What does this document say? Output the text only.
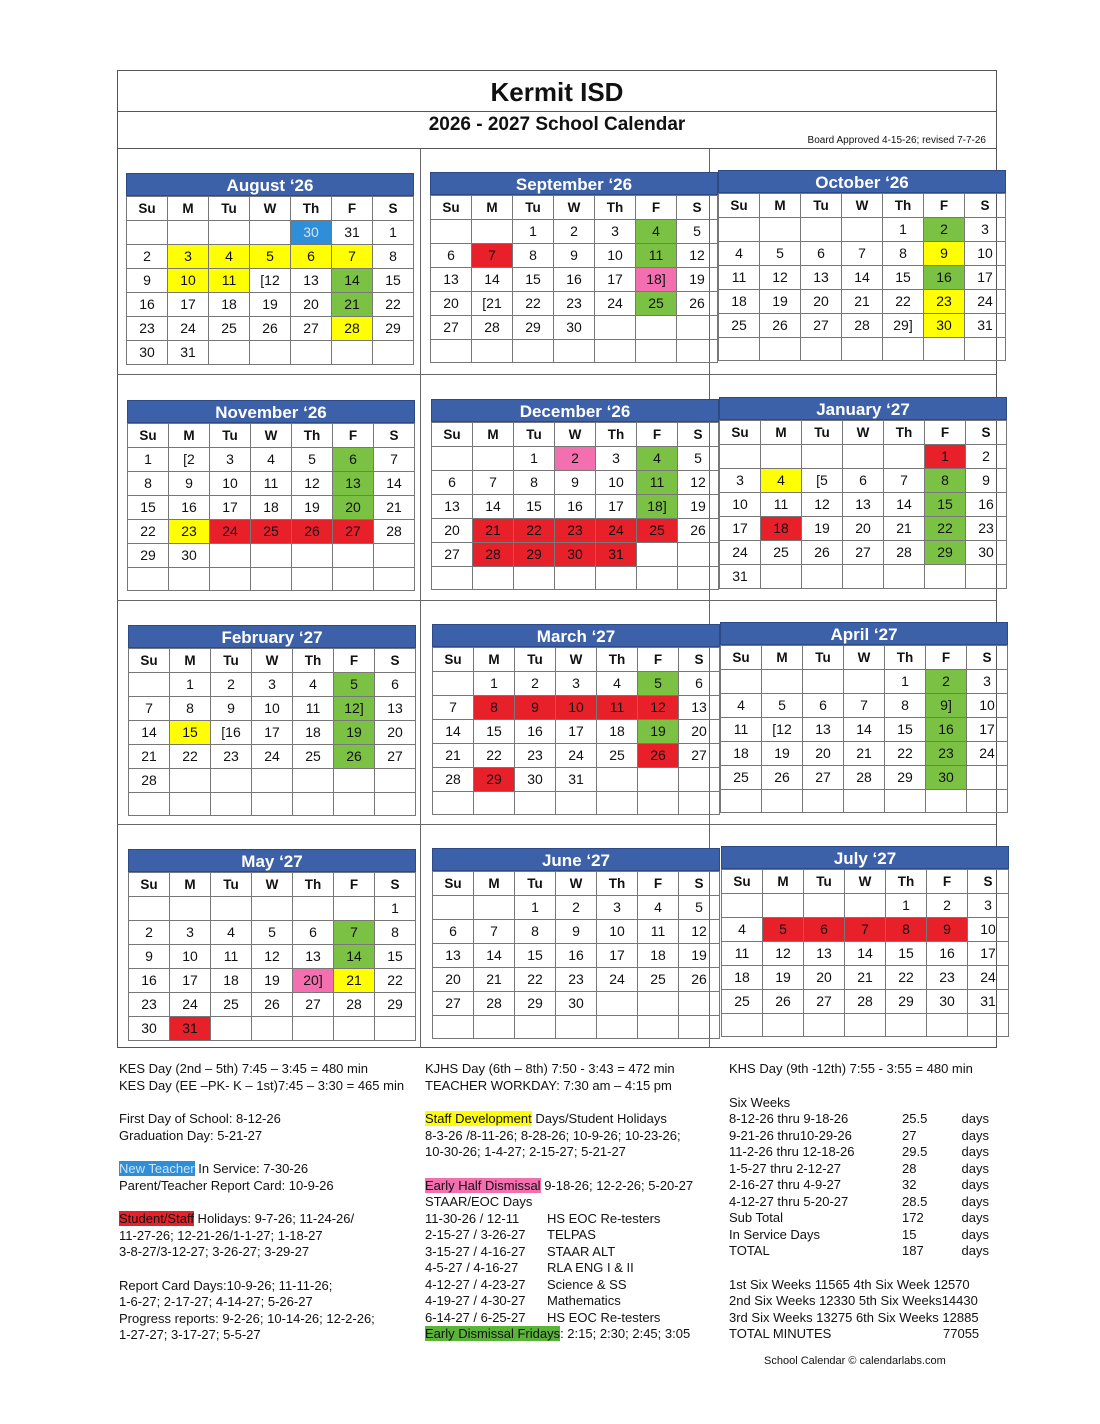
Kermit ISD
2026 - 2027 School Calendar
Board Approved 4-15-26; revised 7-7-26
August ‘26
Su	M	Tu	W	Th	F	S
				30	31	1
2	3	4	5	6	7	8
9	10	11	[12	13	14	15
16	17	18	19	20	21	22
23	24	25	26	27	28	29
30	31					
September ‘26
Su	M	Tu	W	Th	F	S
		1	2	3	4	5
6	7	8	9	10	11	12
13	14	15	16	17	18]	19
20	[21	22	23	24	25	26
27	28	29	30			

October ‘26
Su	M	Tu	W	Th	F	S
				1	2	3
4	5	6	7	8	9	10
11	12	13	14	15	16	17
18	19	20	21	22	23	24
25	26	27	28	29]	30	31

November ‘26
Su	M	Tu	W	Th	F	S
1	[2	3	4	5	6	7
8	9	10	11	12	13	14
15	16	17	18	19	20	21
22	23	24	25	26	27	28
29	30					

December ‘26
Su	M	Tu	W	Th	F	S
		1	2	3	4	5
6	7	8	9	10	11	12
13	14	15	16	17	18]	19
20	21	22	23	24	25	26
27	28	29	30	31		

January ‘27
Su	M	Tu	W	Th	F	S
					1	2
3	4	[5	6	7	8	9
10	11	12	13	14	15	16
17	18	19	20	21	22	23
24	25	26	27	28	29	30
31						
February ‘27
Su	M	Tu	W	Th	F	S
	1	2	3	4	5	6
7	8	9	10	11	12]	13
14	15	[16	17	18	19	20
21	22	23	24	25	26	27
28						

March ‘27
Su	M	Tu	W	Th	F	S
	1	2	3	4	5	6
7	8	9	10	11	12	13
14	15	16	17	18	19	20
21	22	23	24	25	26	27
28	29	30	31			

April ‘27
Su	M	Tu	W	Th	F	S
				1	2	3
4	5	6	7	8	9]	10
11	[12	13	14	15	16	17
18	19	20	21	22	23	24
25	26	27	28	29	30	

May ‘27
Su	M	Tu	W	Th	F	S
						1
2	3	4	5	6	7	8
9	10	11	12	13	14	15
16	17	18	19	20]	21	22
23	24	25	26	27	28	29
30	31					
June ‘27
Su	M	Tu	W	Th	F	S
		1	2	3	4	5
6	7	8	9	10	11	12
13	14	15	16	17	18	19
20	21	22	23	24	25	26
27	28	29	30			

July ‘27
Su	M	Tu	W	Th	F	S
				1	2	3
4	5	6	7	8	9	10
11	12	13	14	15	16	17
18	19	20	21	22	23	24
25	26	27	28	29	30	31

KES Day (2nd – 5th) 7:45 – 3:45 = 480 min
KES Day (EE –PK- K – 1st)7:45 – 3:30 = 465 min
First Day of School: 8-12-26
Graduation Day: 5-21-27
New Teacher In Service: 7-30-26
Parent/Teacher Report Card: 10-9-26
Student/Staff Holidays: 9-7-26; 11-24-26/
11-27-26; 12-21-26/1-1-27; 1-18-27
3-8-27/3-12-27; 3-26-27; 3-29-27
Report Card Days:10-9-26; 11-11-26;
1-6-27; 2-17-27; 4-14-27; 5-26-27
Progress reports: 9-2-26; 10-14-26; 12-2-26;
1-27-27; 3-17-27; 5-5-27
KJHS Day (6th – 8th) 7:50 - 3:43 = 472 min
TEACHER WORKDAY: 7:30 am – 4:15 pm
Staff Development Days/Student Holidays
8-3-26 /8-11-26; 8-28-26; 10-9-26; 10-23-26;
10-30-26; 1-4-27; 2-15-27; 5-21-27
Early Half Dismissal 9-18-26; 12-2-26; 5-20-27
STAAR/EOC Days
11-30-26 / 12-11	HS EOC Re-testers
2-15-27 / 3-26-27	TELPAS
3-15-27 / 4-16-27	STAAR ALT
4-5-27 / 4-16-27	RLA ENG I & II
4-12-27 / 4-23-27	Science & SS
4-19-27 / 4-30-27	Mathematics
6-14-27 / 6-25-27	HS EOC Re-testers
Early Dismissal Fridays: 2:15; 2:30; 2:45; 3:05
KHS Day (9th -12th) 7:55 - 3:55 = 480 min
Six Weeks
8-12-26 thru 9-18-26	25.5	days
9-21-26 thru10-29-26	27	days
11-2-26 thru 12-18-26	29.5	days
1-5-27 thru 2-12-27	28	days
2-16-27 thru 4-9-27	32	days
4-12-27 thru 5-20-27	28.5	days
Sub Total	172	days
In Service Days	15	days
TOTAL	187	days
1st Six Weeks 11565 4th Six Week 12570
2nd Six Weeks 12330 5th Six Weeks14430
3rd Six Weeks 13275 6th Six Weeks 12885
TOTAL MINUTES	77055
School Calendar © calendarlabs.com
